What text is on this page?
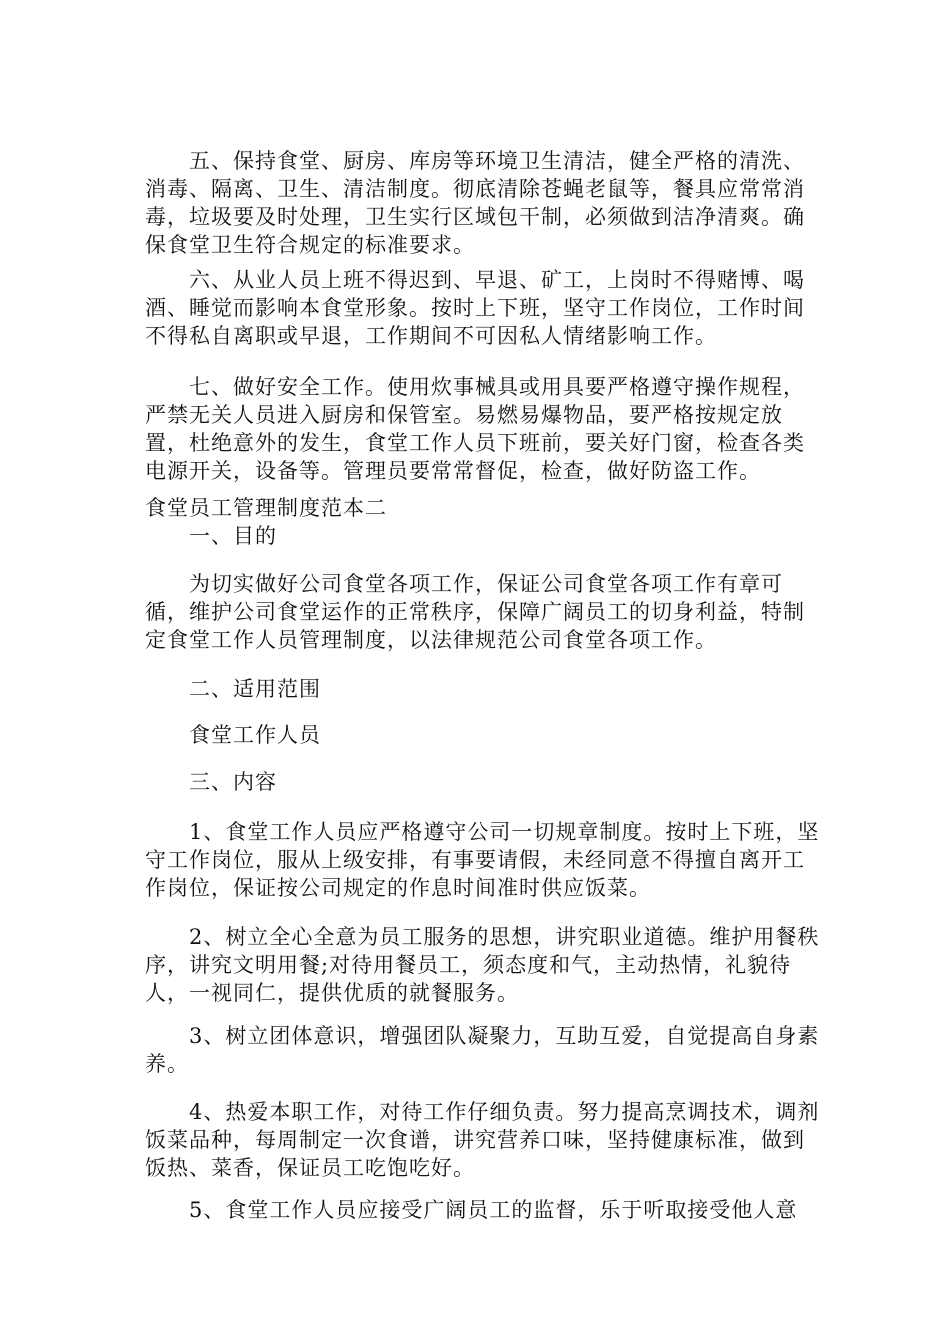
五、保持食堂、厨房、库房等环境卫生清洁，健全严格的清洗、消毒、隔离、卫生、清洁制度。彻底清除苍蝇老鼠等，餐具应常常消毒，垃圾要及时处理，卫生实行区域包干制，必须做到洁净清爽。确保食堂卫生符合规定的标准要求。

六、从业人员上班不得迟到、早退、矿工，上岗时不得赌博、喝酒、睡觉而影响本食堂形象。按时上下班，坚守工作岗位，工作时间不得私自离职或早退，工作期间不可因私人情绪影响工作。

七、做好安全工作。使用炊事械具或用具要严格遵守操作规程，严禁无关人员进入厨房和保管室。易燃易爆物品，要严格按规定放置，杜绝意外的发生，食堂工作人员下班前，要关好门窗，检查各类电源开关，设备等。管理员要常常督促，检查，做好防盗工作。

食堂员工管理制度范本二

一、目的

为切实做好公司食堂各项工作，保证公司食堂各项工作有章可循，维护公司食堂运作的正常秩序，保障广阔员工的切身利益，特制定食堂工作人员管理制度，以法律规范公司食堂各项工作。

二、适用范围

食堂工作人员

三、内容

1、食堂工作人员应严格遵守公司一切规章制度。按时上下班，坚守工作岗位，服从上级安排，有事要请假，未经同意不得擅自离开工作岗位，保证按公司规定的作息时间准时供应饭菜。

2、树立全心全意为员工服务的思想，讲究职业道德。维护用餐秩序，讲究文明用餐;对待用餐员工，须态度和气，主动热情，礼貌待人，一视同仁，提供优质的就餐服务。

3、树立团体意识，增强团队凝聚力，互助互爱，自觉提高自身素养。

4、热爱本职工作，对待工作仔细负责。努力提高烹调技术，调剂饭菜品种，每周制定一次食谱，讲究营养口味，坚持健康标准，做到饭热、菜香，保证员工吃饱吃好。

5、食堂工作人员应接受广阔员工的监督，乐于听取接受他人意
